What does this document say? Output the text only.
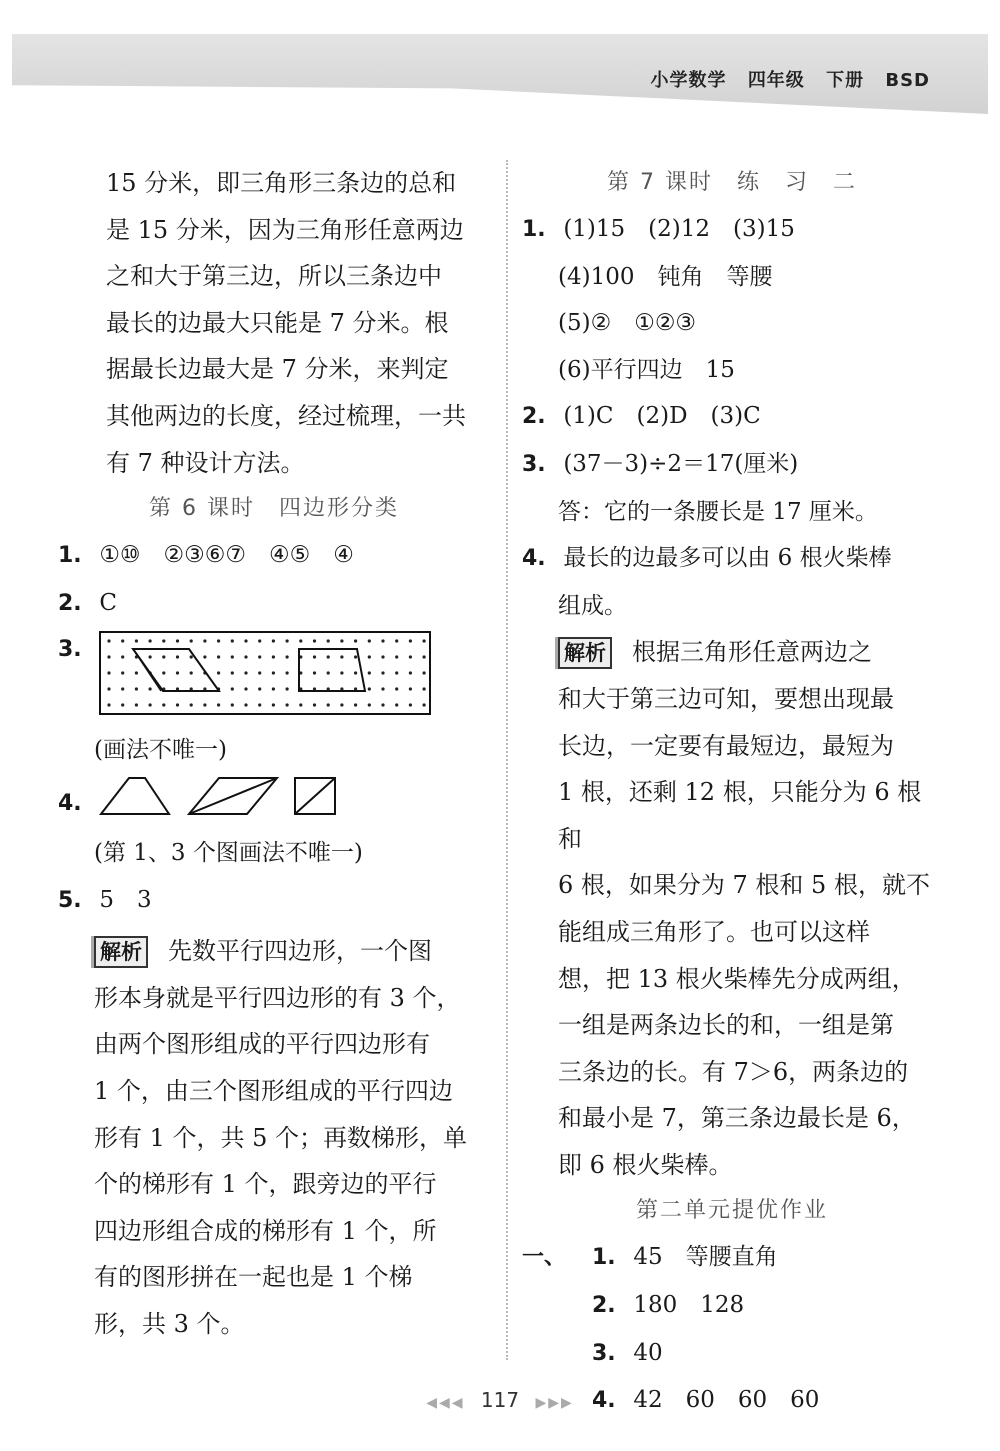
小学数学 四年级 下册 BSD
15 分米，即三角形三条边的总和
是 15 分米，因为三角形任意两边
之和大于第三边，所以三条边中
最长的边最大只能是 7 分米。根
据最长边最大是 7 分米，来判定
其他两边的长度，经过梳理，一共
有 7 种设计方法。
第 6 课时　四边形分类
1. ①⑩　②③⑥⑦　④⑤　④
2. C
3.
(画法不唯一)
4.
(第 1、3 个图画法不唯一)
5. 5　3
解析 先数平行四边形，一个图
形本身就是平行四边形的有 3 个，
由两个图形组成的平行四边形有
1 个，由三个图形组成的平行四边
形有 1 个，共 5 个；再数梯形，单
个的梯形有 1 个，跟旁边的平行
四边形组合成的梯形有 1 个，所
有的图形拼在一起也是 1 个梯
形，共 3 个。
第 7 课时　练　习　二
1. (1)15　(2)12　(3)15
(4)100　钝角　等腰
(5)②　①②③
(6)平行四边　15
2. (1)C　(2)D　(3)C
3. (37－3)÷2＝17(厘米)
答：它的一条腰长是 17 厘米。
4. 最长的边最多可以由 6 根火柴棒
组成。
解析 根据三角形任意两边之
和大于第三边可知，要想出现最
长边，一定要有最短边，最短为
1 根，还剩 12 根，只能分为 6 根和
6 根，如果分为 7 根和 5 根，就不
能组成三角形了。也可以这样
想，把 13 根火柴棒先分成两组，
一组是两条边长的和，一组是第
三条边的长。有 7＞6，两条边的
和最小是 7，第三条边最长是 6，
即 6 根火柴棒。
第二单元提优作业
一、 1. 45　等腰直角
2. 180　128
3. 40
4. 42　60　60　60
◀◀◀ 117 ▶▶▶
